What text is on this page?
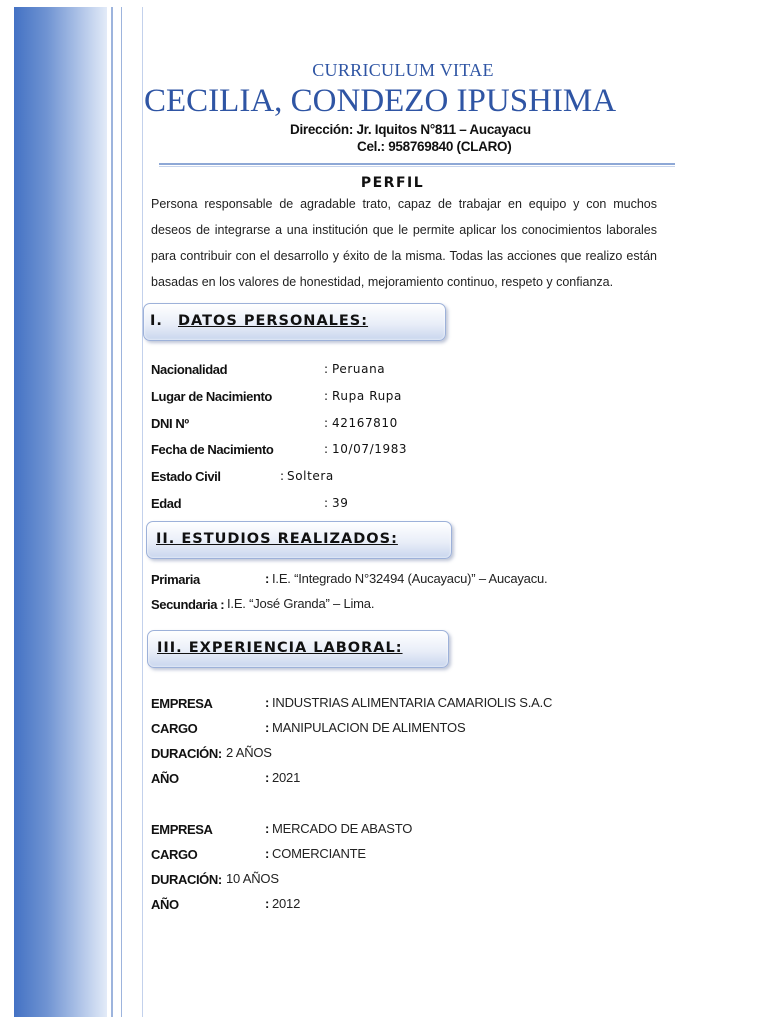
CURRICULUM VITAE
CECILIA, CONDEZO IPUSHIMA
Dirección: Jr. Iquitos N°811 – Aucayacu
Cel.: 958769840 (CLARO)
PERFIL
Persona responsable de agradable trato, capaz de trabajar en equipo y con muchos deseos de integrarse a una institución que le permite aplicar los conocimientos laborales para contribuir con el desarrollo y éxito de la misma. Todas las acciones que realizo están basadas en los valores de honestidad, mejoramiento continuo, respeto y confianza.
I. DATOS PERSONALES:
Nacionalidad	: Peruana
Lugar de Nacimiento	: Rupa Rupa
DNI Nº	: 42167810
Fecha de Nacimiento	: 10/07/1983
Estado Civil	: Soltera
Edad	: 39
II. ESTUDIOS REALIZADOS:
Primaria	: I.E. “Integrado N°32494 (Aucayacu)” – Aucayacu.
Secundaria : I.E. “José Granda” – Lima.
III. EXPERIENCIA LABORAL:
EMPRESA	: INDUSTRIAS ALIMENTARIA CAMARIOLIS S.A.C
CARGO	: MANIPULACION DE ALIMENTOS
DURACIÓN: 2 AÑOS
AÑO	: 2021
EMPRESA	: MERCADO DE ABASTO
CARGO	: COMERCIANTE
DURACIÓN: 10 AÑOS
AÑO	: 2012
